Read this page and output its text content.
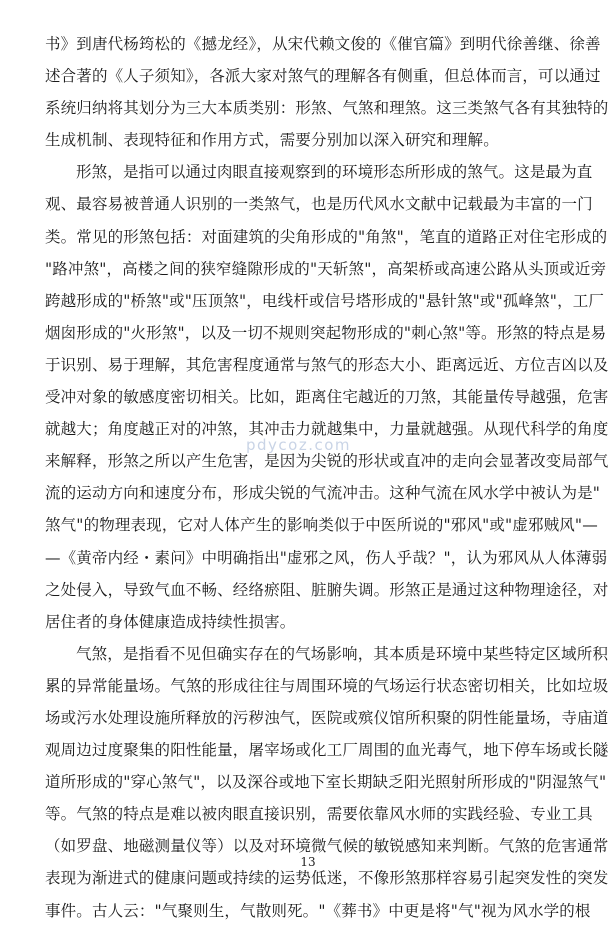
书》到唐代杨筠松的《撼龙经》，从宋代赖文俊的《催官篇》到明代徐善继、徐善
述合著的《人子须知》，各派大家对煞气的理解各有侧重，但总体而言，可以通过
系统归纳将其划分为三大本质类别：形煞、气煞和理煞。这三类煞气各有其独特的
生成机制、表现特征和作用方式，需要分别加以深入研究和理解。
形煞，是指可以通过肉眼直接观察到的环境形态所形成的煞气。这是最为直
观、最容易被普通人识别的一类煞气，也是历代风水文献中记载最为丰富的一门
类。常见的形煞包括：对面建筑的尖角形成的"角煞"，笔直的道路正对住宅形成的
"路冲煞"，高楼之间的狭窄缝隙形成的"天斩煞"，高架桥或高速公路从头顶或近旁
跨越形成的"桥煞"或"压顶煞"，电线杆或信号塔形成的"悬针煞"或"孤峰煞"，工厂
烟囱形成的"火形煞"，以及一切不规则突起物形成的"刺心煞"等。形煞的特点是易
于识别、易于理解，其危害程度通常与煞气的形态大小、距离远近、方位吉凶以及
受冲对象的敏感度密切相关。比如，距离住宅越近的刀煞，其能量传导越强，危害
就越大；角度越正对的冲煞，其冲击力就越集中，力量就越强。从现代科学的角度
来解释，形煞之所以产生危害，是因为尖锐的形状或直冲的走向会显著改变局部气
流的运动方向和速度分布，形成尖锐的气流冲击。这种气流在风水学中被认为是"
煞气"的物理表现，它对人体产生的影响类似于中医所说的"邪风"或"虚邪贼风"—
—《黄帝内经・素问》中明确指出"虚邪之风，伤人乎哉？"，认为邪风从人体薄弱
之处侵入，导致气血不畅、经络瘀阻、脏腑失调。形煞正是通过这种物理途径，对
居住者的身体健康造成持续性损害。
气煞，是指看不见但确实存在的气场影响，其本质是环境中某些特定区域所积
累的异常能量场。气煞的形成往往与周围环境的气场运行状态密切相关，比如垃圾
场或污水处理设施所释放的污秽浊气，医院或殡仪馆所积聚的阴性能量场，寺庙道
观周边过度聚集的阳性能量，屠宰场或化工厂周围的血光毒气，地下停车场或长隧
道所形成的"穿心煞气"，以及深谷或地下室长期缺乏阳光照射所形成的"阴湿煞气"
等。气煞的特点是难以被肉眼直接识别，需要依靠风水师的实践经验、专业工具
（如罗盘、地磁测量仪等）以及对环境微气候的敏锐感知来判断。气煞的危害通常
表现为渐进式的健康问题或持续的运势低迷，不像形煞那样容易引起突发性的突发
事件。古人云："气聚则生，气散则死。"《葬书》中更是将"气"视为风水学的根
pdycoz.com
13
